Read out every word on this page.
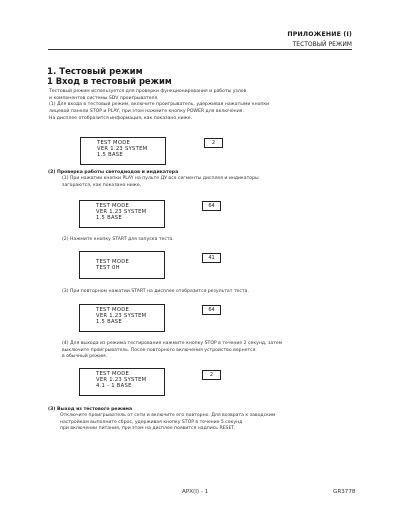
ПРИЛОЖЕНИЕ (I)
ТЕСТОВЫЙ РЕЖИМ
1. Тестовый режим
1 Вход в тестовый режим
Тестовый режим используется для проверки функционирования и работы узлов
и компонентов системы SDV проигрывателя.
(1) Для входа в тестовый режим, включите проигрыватель, удерживая нажатыми кнопки
лицевой панели STOP и PLAY, при этом нажмите кнопку POWER для включения.
На дисплее отобразится информация, как показано ниже.
TEST MODE
VER 1.23 SYSTEM
1.5 BASE
2
(2) Проверка работы светодиодов и индикатора
(1) При нажатии кнопки PLAY на пульте ДУ все сегменты дисплея и индикаторы
загораются, как показано ниже.
TEST MODE
VER 1.23 SYSTEM
1.5 BASE
64
(2) Нажмите кнопку START для запуска теста.
TEST MODE
TEST 0H
41
(3) При повторном нажатии START на дисплее отобразится результат теста.
TEST MODE
VER 1.23 SYSTEM
1.5 BASE
64
(4) Для выхода из режима тестирования нажмите кнопку STOP в течение 2 секунд, затем
выключите проигрыватель. После повторного включения устройство вернется
в обычный режим.
TEST MODE
VER 1.23 SYSTEM
4.1 - 1 BASE
2
(3) Выход из тестового режима
Отключите проигрыватель от сети и включите его повторно. Для возврата к заводским
настройкам выполните сброс, удерживая кнопку STOP в течение 5 секунд
при включении питания, при этом на дисплее появится надпись RESET.
APX(I) - 1	GR3778
